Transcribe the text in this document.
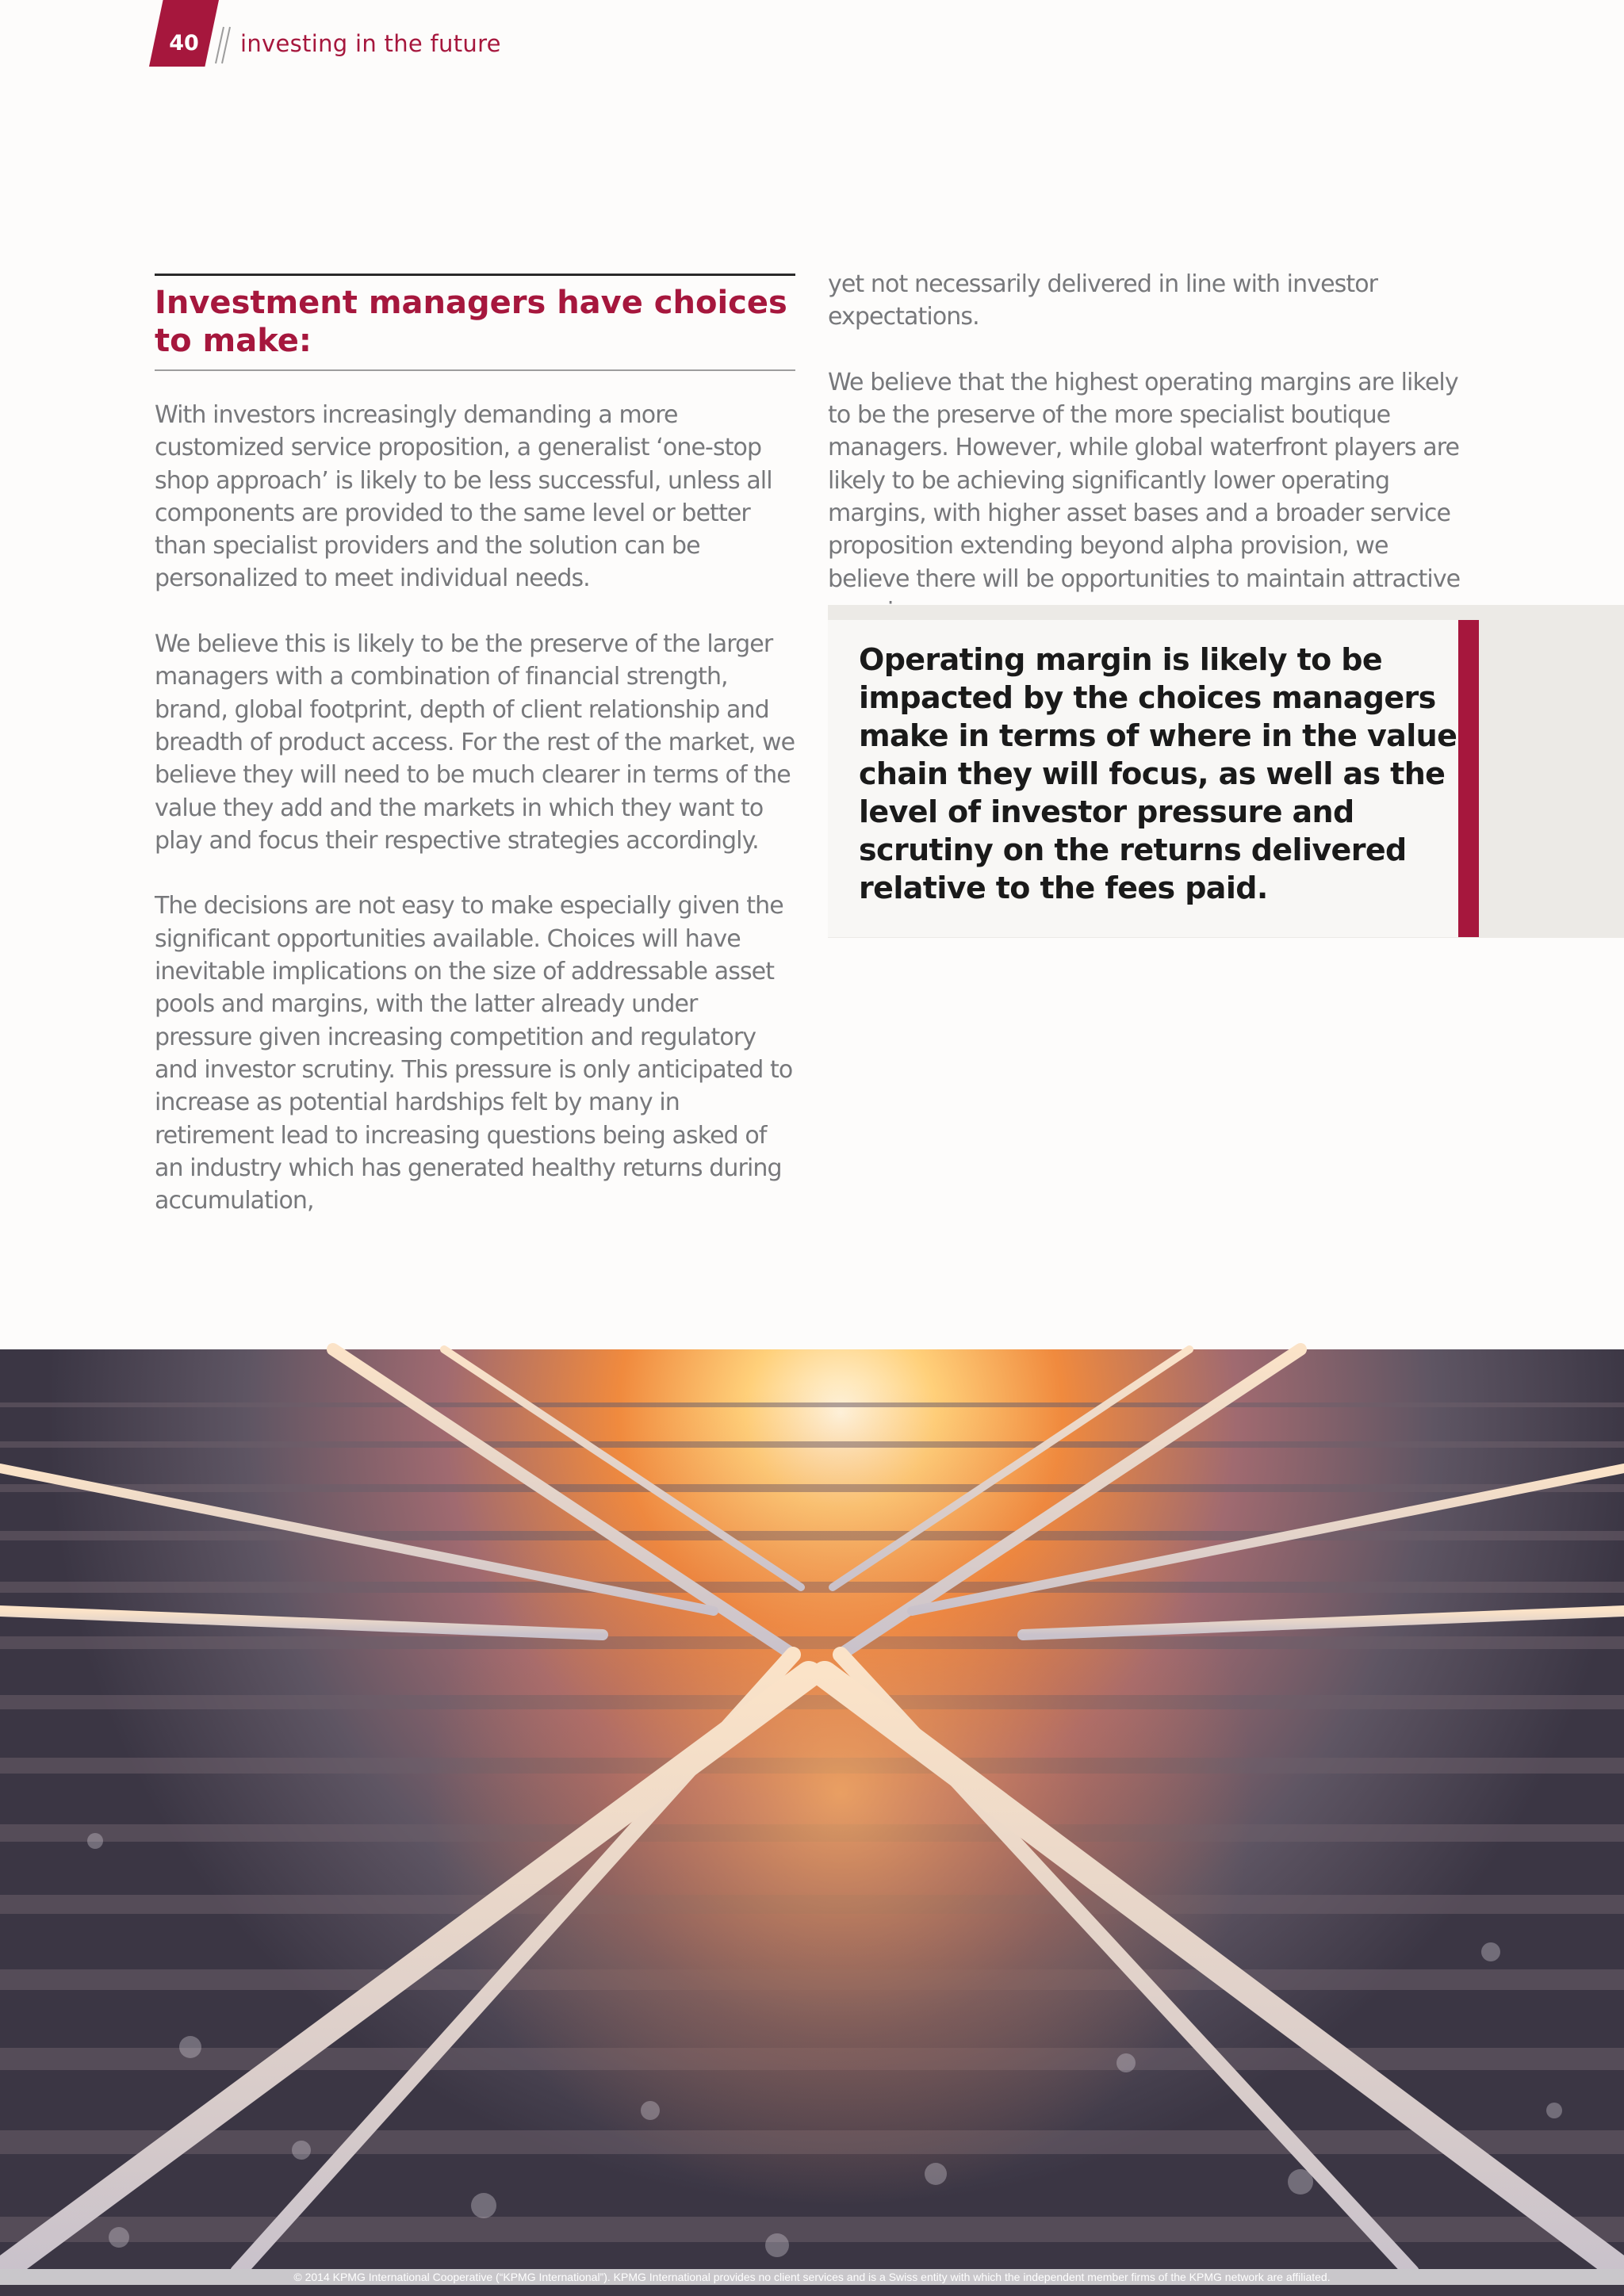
40	investing in the future
Investment managers have choices to make:

With investors increasingly demanding a more customized service proposition, a generalist ‘one-stop shop approach’ is likely to be less successful, unless all components are provided to the same level or better than specialist providers and the solution can be personalized to meet individual needs.

We believe this is likely to be the preserve of the larger managers with a combination of financial strength, brand, global footprint, depth of client relationship and breadth of product access. For the rest of the market, we believe they will need to be much clearer in terms of the value they add and the markets in which they want to play and focus their respective strategies accordingly.

The decisions are not easy to make especially given the significant opportunities available. Choices will have inevitable implications on the size of addressable asset pools and margins, with the latter already under pressure given increasing competition and regulatory and investor scrutiny. This pressure is only anticipated to increase as potential hardships felt by many in retirement lead to increasing questions being asked of an industry which has generated healthy returns during accumulation,

yet not necessarily delivered in line with investor expectations.

We believe that the highest operating margins are likely to be the preserve of the more specialist boutique managers. However, while global waterfront players are likely to be achieving significantly lower operating margins, with higher asset bases and a broader service proposition extending beyond alpha provision, we believe there will be opportunities to maintain attractive

Operating margin is likely to be impacted by the choices managers make in terms of where in the value chain they will focus, as well as the level of investor pressure and scrutiny on the returns delivered relative to the fees paid.
© 2014 KPMG International Cooperative (“KPMG International”). KPMG International provides no client services and is a Swiss entity with which the independent member firms of the KPMG network are affiliated.
